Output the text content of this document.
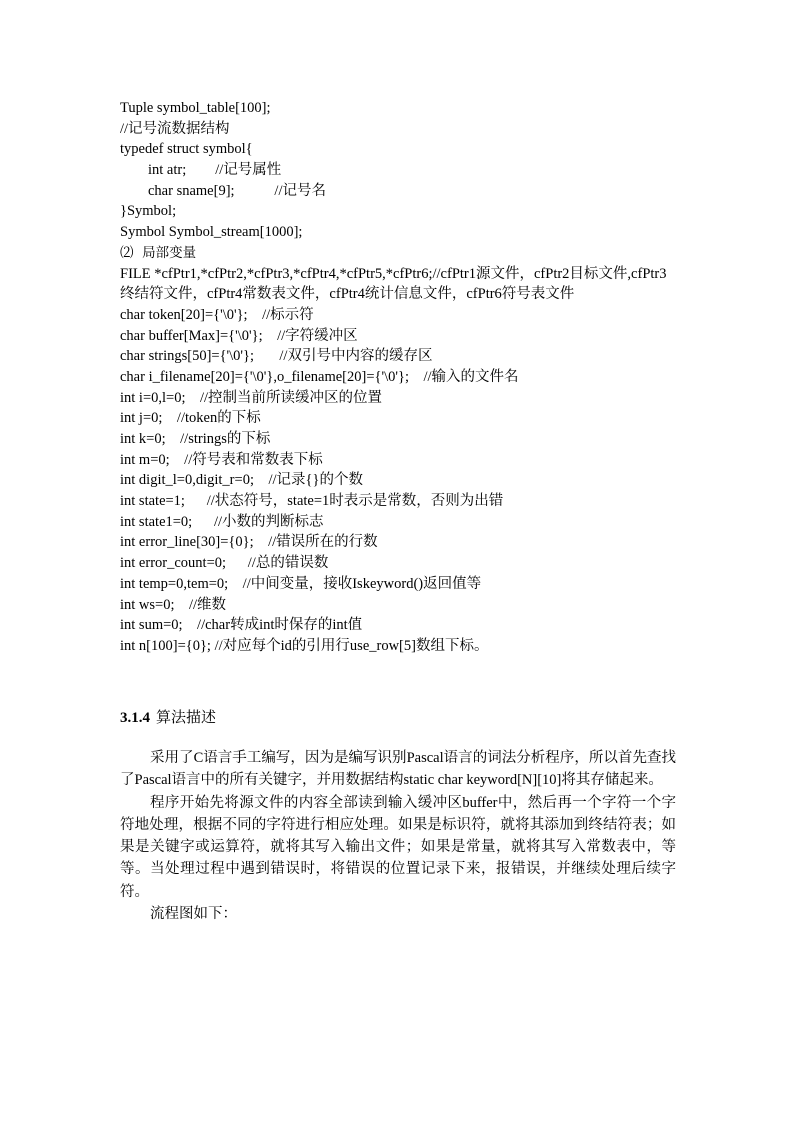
Tuple symbol_table[100];
//记号流数据结构
typedef struct symbol{
int atr;        //记号属性
char sname[9];           //记号名
}Symbol;
Symbol Symbol_stream[1000];
⑵  局部变量
FILE *cfPtr1,*cfPtr2,*cfPtr3,*cfPtr4,*cfPtr5,*cfPtr6;//cfPtr1源文件，cfPtr2目标文件,cfPtr3终结符文件，cfPtr4常数表文件，cfPtr4统计信息文件，cfPtr6符号表文件
char token[20]={'\0'};    //标示符
char buffer[Max]={'\0'};    //字符缓冲区
char strings[50]={'\0'};       //双引号中内容的缓存区
char i_filename[20]={'\0'},o_filename[20]={'\0'};    //输入的文件名
int i=0,l=0;    //控制当前所读缓冲区的位置
int j=0;    //token的下标
int k=0;    //strings的下标
int m=0;    //符号表和常数表下标
int digit_l=0,digit_r=0;    //记录{}的个数
int state=1;      //状态符号，state=1时表示是常数，否则为出错
int state1=0;      //小数的判断标志
int error_line[30]={0};    //错误所在的行数
int error_count=0;      //总的错误数
int temp=0,tem=0;    //中间变量，接收Iskeyword()返回值等
int ws=0;    //维数
int sum=0;    //char转成int时保存的int值
int n[100]={0}; //对应每个id的引用行use_row[5]数组下标。
3.1.4 算法描述

采用了C语言手工编写，因为是编写识别Pascal语言的词法分析程序，所以首先查找了Pascal语言中的所有关键字，并用数据结构static char keyword[N][10]将其存储起来。

程序开始先将源文件的内容全部读到输入缓冲区buffer中，然后再一个字符一个字符地处理，根据不同的字符进行相应处理。如果是标识符，就将其添加到终结符表；如果是关键字或运算符，就将其写入输出文件；如果是常量，就将其写入常数表中，等等。当处理过程中遇到错误时，将错误的位置记录下来，报错误，并继续处理后续字符。

流程图如下：
